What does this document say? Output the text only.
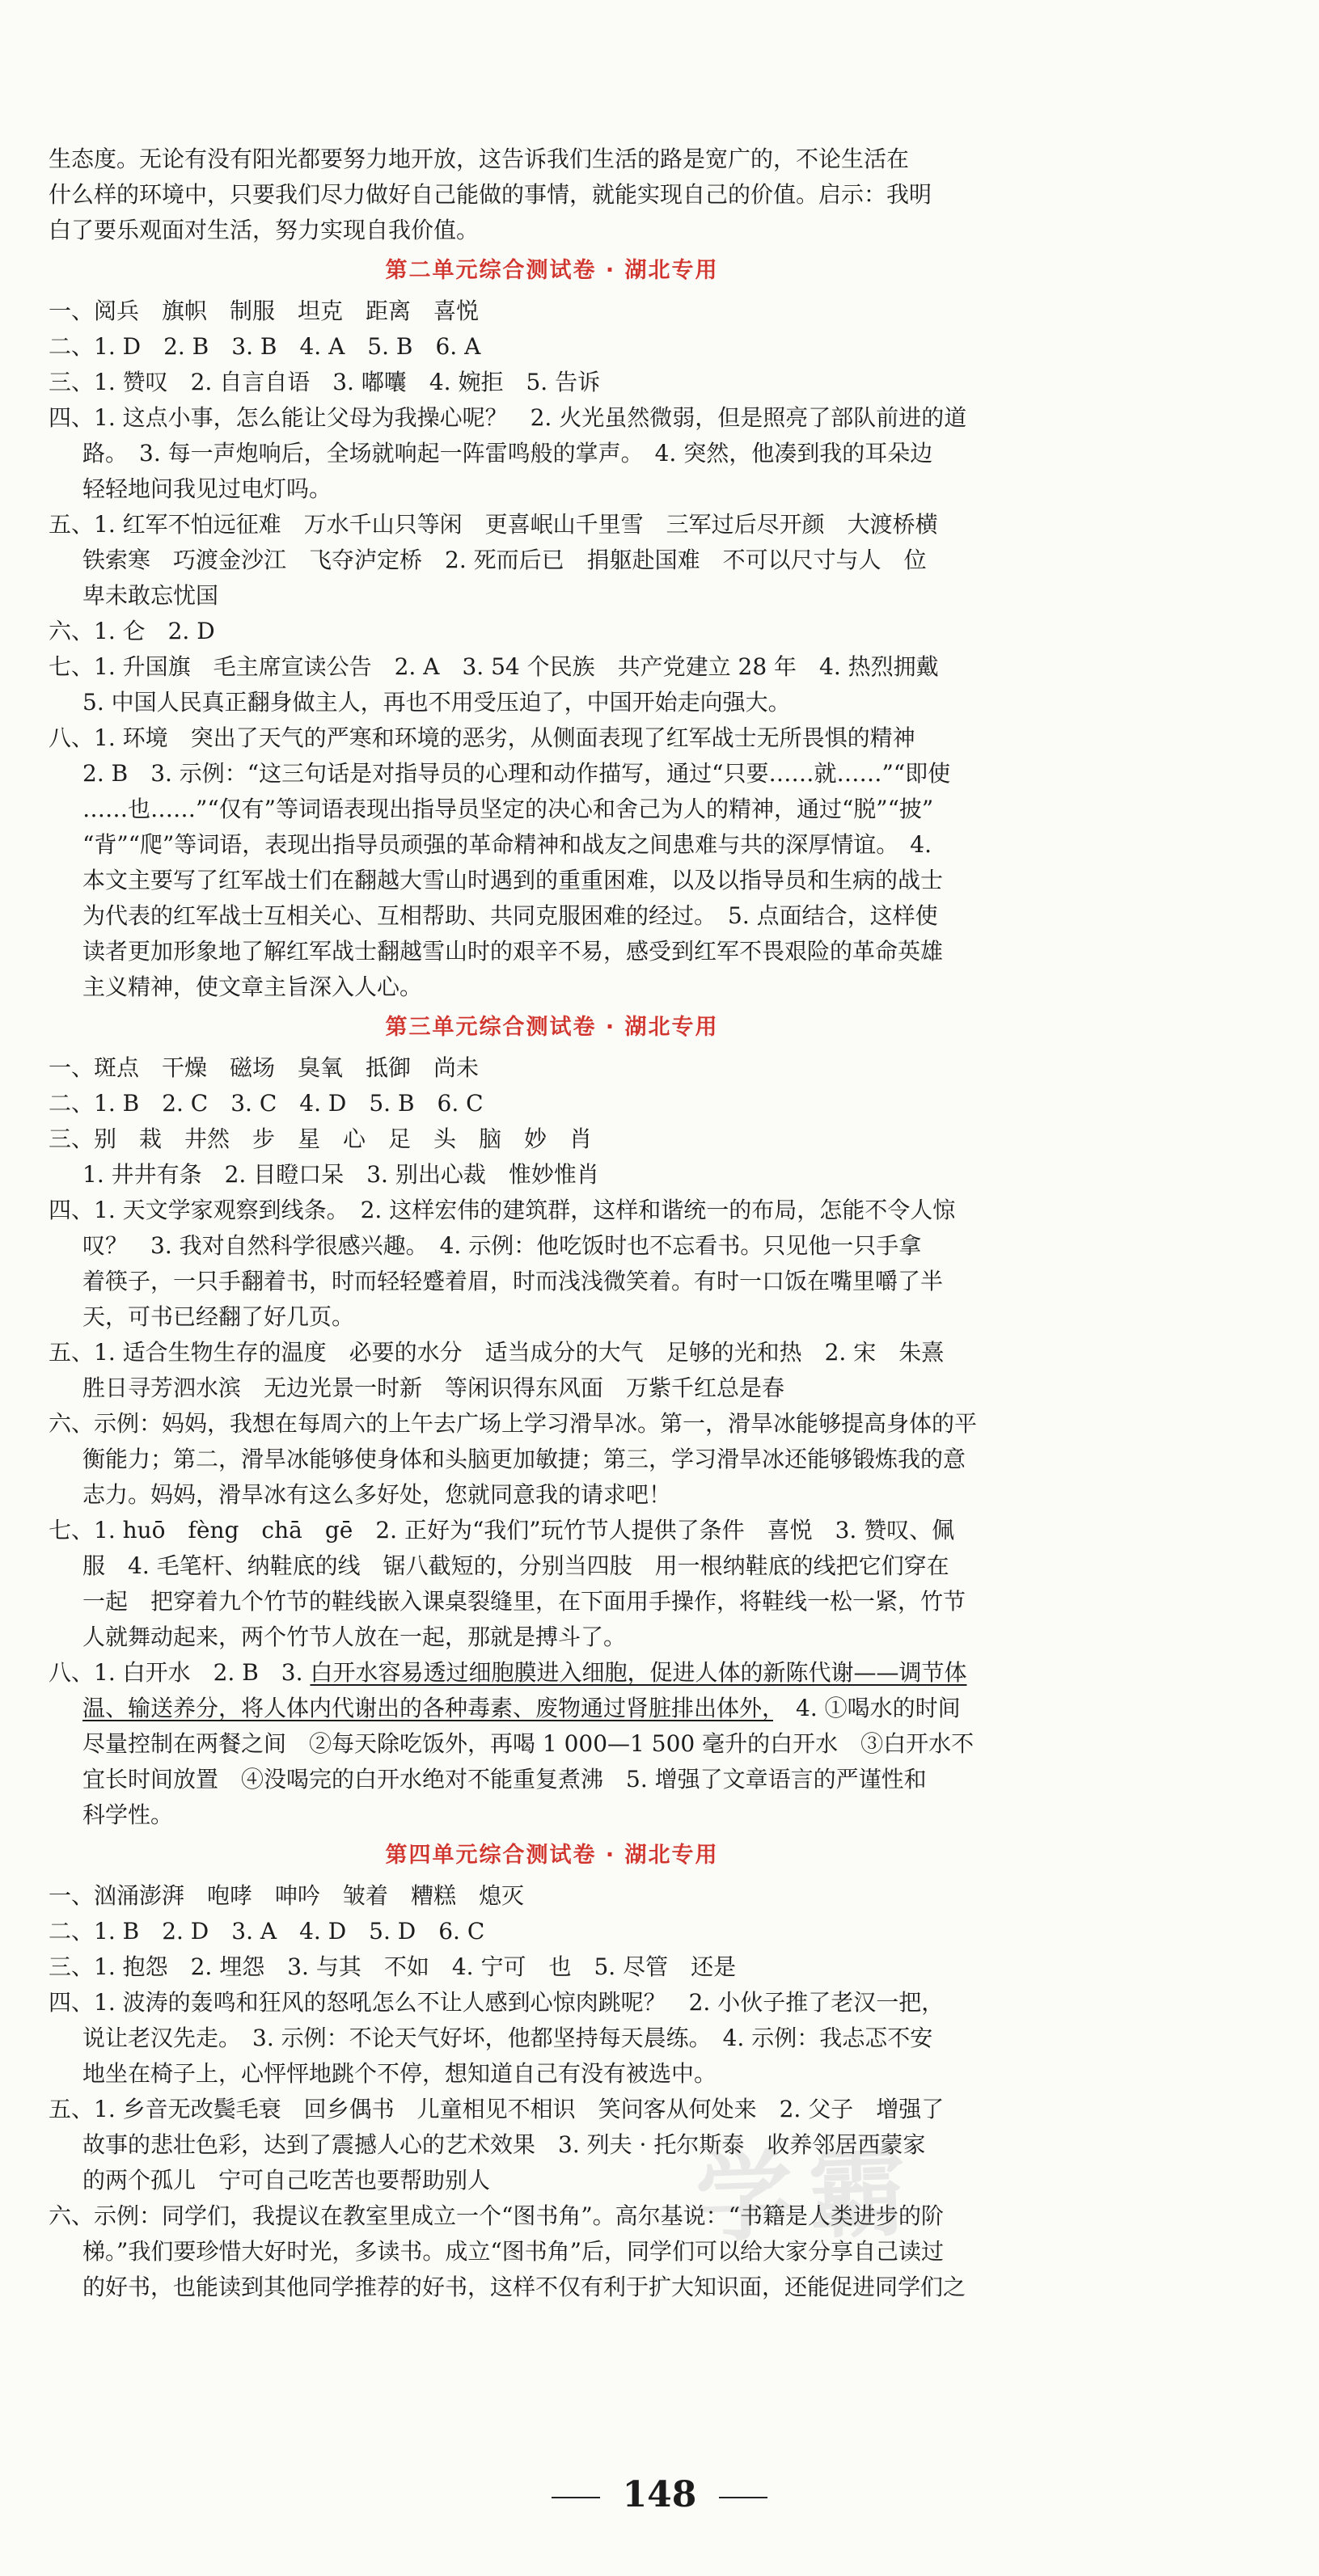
学霸
生态度。无论有没有阳光都要努力地开放，这告诉我们生活的路是宽广的，不论生活在
什么样的环境中，只要我们尽力做好自己能做的事情，就能实现自己的价值。启示：我明
白了要乐观面对生活，努力实现自我价值。
第二单元综合测试卷 · 湖北专用
一、阅兵　旗帜　制服　坦克　距离　喜悦
二、1. D　2. B　3. B　4. A　5. B　6. A
三、1. 赞叹　2. 自言自语　3. 嘟囔　4. 婉拒　5. 告诉
四、1. 这点小事，怎么能让父母为我操心呢？　2. 火光虽然微弱，但是照亮了部队前进的道
路。　3. 每一声炮响后，全场就响起一阵雷鸣般的掌声。　4. 突然，他凑到我的耳朵边
轻轻地问我见过电灯吗。
五、1. 红军不怕远征难　万水千山只等闲　更喜岷山千里雪　三军过后尽开颜　大渡桥横
铁索寒　巧渡金沙江　飞夺泸定桥　2. 死而后已　捐躯赴国难　不可以尺寸与人　位
卑未敢忘忧国
六、1. 仑　2. D
七、1. 升国旗　毛主席宣读公告　2. A　3. 54 个民族　共产党建立 28 年　4. 热烈拥戴
5. 中国人民真正翻身做主人，再也不用受压迫了，中国开始走向强大。
八、1. 环境　突出了天气的严寒和环境的恶劣，从侧面表现了红军战士无所畏惧的精神
2. B　3. 示例：“这三句话是对指导员的心理和动作描写，通过“只要……就……”“即使
……也……”“仅有”等词语表现出指导员坚定的决心和舍己为人的精神，通过“脱”“披”
“背”“爬”等词语，表现出指导员顽强的革命精神和战友之间患难与共的深厚情谊。　4.
本文主要写了红军战士们在翻越大雪山时遇到的重重困难，以及以指导员和生病的战士
为代表的红军战士互相关心、互相帮助、共同克服困难的经过。　5. 点面结合，这样使
读者更加形象地了解红军战士翻越雪山时的艰辛不易，感受到红军不畏艰险的革命英雄
主义精神，使文章主旨深入人心。
第三单元综合测试卷 · 湖北专用
一、斑点　干燥　磁场　臭氧　抵御　尚未
二、1. B　2. C　3. C　4. D　5. B　6. C
三、别　栽　井然　步　星　心　足　头　脑　妙　肖
1. 井井有条　2. 目瞪口呆　3. 别出心裁　惟妙惟肖
四、1. 天文学家观察到线条。　2. 这样宏伟的建筑群，这样和谐统一的布局，怎能不令人惊
叹？　3. 我对自然科学很感兴趣。　4. 示例：他吃饭时也不忘看书。只见他一只手拿
着筷子，一只手翻着书，时而轻轻蹙着眉，时而浅浅微笑着。有时一口饭在嘴里嚼了半
天，可书已经翻了好几页。
五、1. 适合生物生存的温度　必要的水分　适当成分的大气　足够的光和热　2. 宋　朱熹
胜日寻芳泗水滨　无边光景一时新　等闲识得东风面　万紫千红总是春
六、示例：妈妈，我想在每周六的上午去广场上学习滑旱冰。第一，滑旱冰能够提高身体的平
衡能力；第二，滑旱冰能够使身体和头脑更加敏捷；第三，学习滑旱冰还能够锻炼我的意
志力。妈妈，滑旱冰有这么多好处，您就同意我的请求吧！
七、1. huō　fèng　chā　gē　2. 正好为“我们”玩竹节人提供了条件　喜悦　3. 赞叹、佩
服　4. 毛笔杆、纳鞋底的线　锯八截短的，分别当四肢　用一根纳鞋底的线把它们穿在
一起　把穿着九个竹节的鞋线嵌入课桌裂缝里，在下面用手操作，将鞋线一松一紧，竹节
人就舞动起来，两个竹节人放在一起，那就是搏斗了。
八、1. 白开水　2. B　3. 白开水容易透过细胞膜进入细胞，促进人体的新陈代谢——调节体
温、输送养分，将人体内代谢出的各种毒素、废物通过肾脏排出体外，　4. ①喝水的时间
尽量控制在两餐之间　②每天除吃饭外，再喝 1 000—1 500 毫升的白开水　③白开水不
宜长时间放置　④没喝完的白开水绝对不能重复煮沸　5. 增强了文章语言的严谨性和
科学性。
第四单元综合测试卷 · 湖北专用
一、汹涌澎湃　咆哮　呻吟　皱着　糟糕　熄灭
二、1. B　2. D　3. A　4. D　5. D　6. C
三、1. 抱怨　2. 埋怨　3. 与其　不如　4. 宁可　也　5. 尽管　还是
四、1. 波涛的轰鸣和狂风的怒吼怎么不让人感到心惊肉跳呢？　2. 小伙子推了老汉一把，
说让老汉先走。　3. 示例：不论天气好坏，他都坚持每天晨练。　4. 示例：我忐忑不安
地坐在椅子上，心怦怦地跳个不停，想知道自己有没有被选中。
五、1. 乡音无改鬓毛衰　回乡偶书　儿童相见不相识　笑问客从何处来　2. 父子　增强了
故事的悲壮色彩，达到了震撼人心的艺术效果　3. 列夫 · 托尔斯泰　收养邻居西蒙家
的两个孤儿　宁可自己吃苦也要帮助别人
六、示例：同学们，我提议在教室里成立一个“图书角”。高尔基说：“书籍是人类进步的阶
梯。”我们要珍惜大好时光，多读书。成立“图书角”后，同学们可以给大家分享自己读过
的好书，也能读到其他同学推荐的好书，这样不仅有利于扩大知识面，还能促进同学们之
148
